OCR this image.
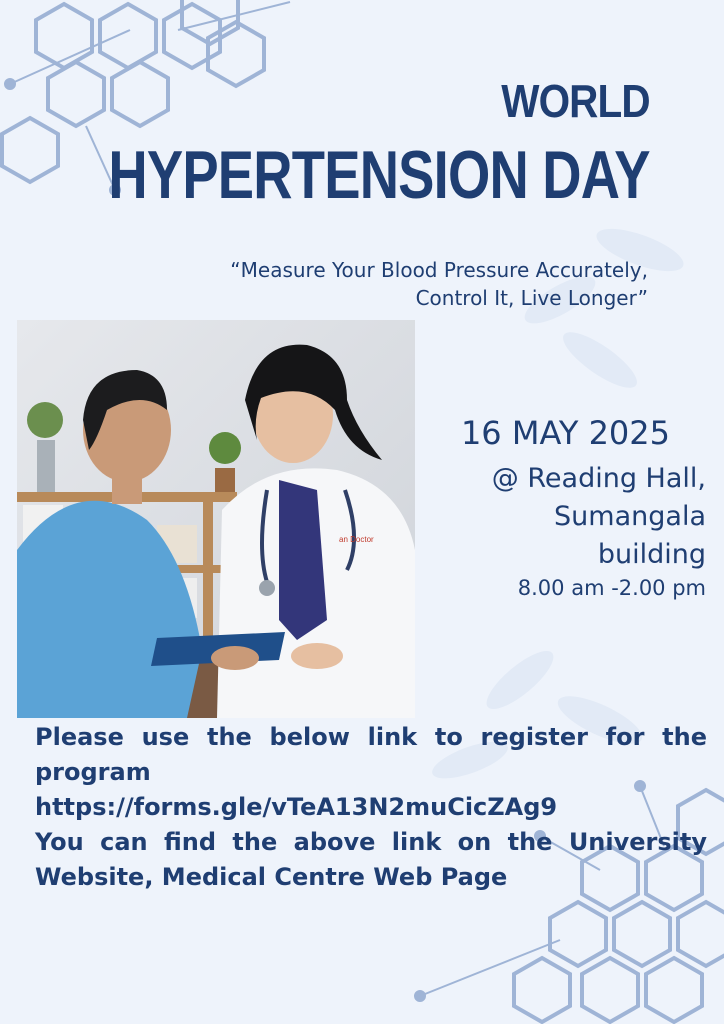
WORLD
HYPERTENSION DAY
“Measure Your Blood Pressure Accurately, Control It, Live Longer”
an Doctor
16 MAY 2025
@ Reading Hall,
Sumangala
building
8.00 am -2.00 pm

Please use the below link to register for the program

https://forms.gle/vTeA13N2muCicZAg9

You can find the above link on the University Website, Medical Centre Web Page
